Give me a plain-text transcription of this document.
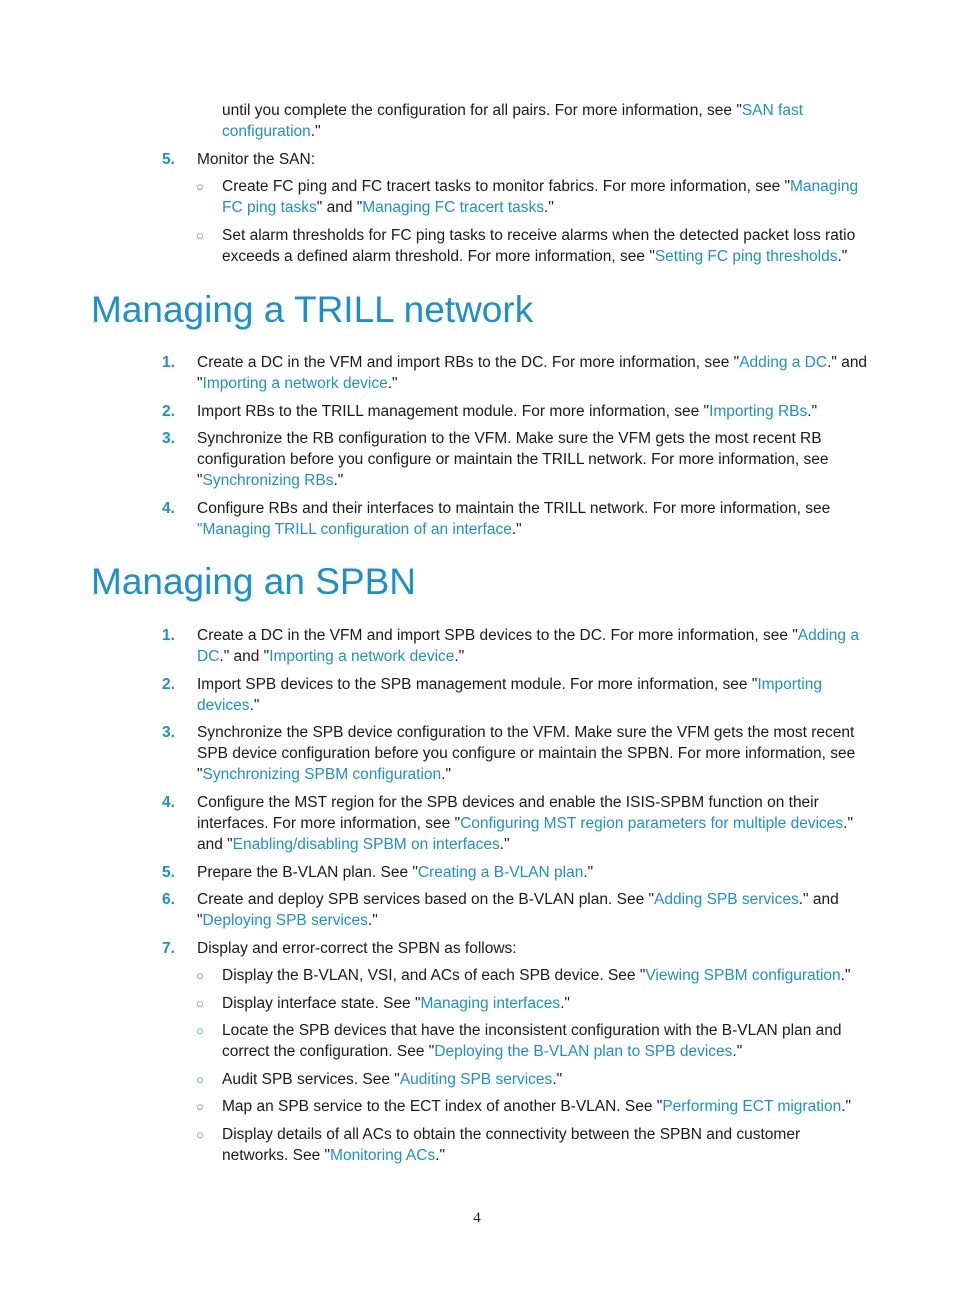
until you complete the configuration for all pairs. For more information, see "SAN fast configuration."

5. Monitor the SAN:

○ Create FC ping and FC tracert tasks to monitor fabrics. For more information, see "Managing FC ping tasks" and "Managing FC tracert tasks."

○ Set alarm thresholds for FC ping tasks to receive alarms when the detected packet loss ratio exceeds a defined alarm threshold. For more information, see "Setting FC ping thresholds."

Managing a TRILL network
1. Create a DC in the VFM and import RBs to the DC. For more information, see "Adding a DC." and "Importing a network device."

2. Import RBs to the TRILL management module. For more information, see "Importing RBs."

3. Synchronize the RB configuration to the VFM. Make sure the VFM gets the most recent RB configuration before you configure or maintain the TRILL network. For more information, see "Synchronizing RBs."

4. Configure RBs and their interfaces to maintain the TRILL network. For more information, see "Managing TRILL configuration of an interface."

Managing an SPBN
1. Create a DC in the VFM and import SPB devices to the DC. For more information, see "Adding a DC." and "Importing a network device."

2. Import SPB devices to the SPB management module. For more information, see "Importing devices."

3. Synchronize the SPB device configuration to the VFM. Make sure the VFM gets the most recent SPB device configuration before you configure or maintain the SPBN. For more information, see "Synchronizing SPBM configuration."

4. Configure the MST region for the SPB devices and enable the ISIS-SPBM function on their interfaces. For more information, see "Configuring MST region parameters for multiple devices." and "Enabling/disabling SPBM on interfaces."

5. Prepare the B-VLAN plan. See "Creating a B-VLAN plan."

6. Create and deploy SPB services based on the B-VLAN plan. See "Adding SPB services." and "Deploying SPB services."

7. Display and error-correct the SPBN as follows:

○ Display the B-VLAN, VSI, and ACs of each SPB device. See "Viewing SPBM configuration."

○ Display interface state. See "Managing interfaces."

○ Locate the SPB devices that have the inconsistent configuration with the B-VLAN plan and correct the configuration. See "Deploying the B-VLAN plan to SPB devices."

○ Audit SPB services. See "Auditing SPB services."

○ Map an SPB service to the ECT index of another B-VLAN. See "Performing ECT migration."

○ Display details of all ACs to obtain the connectivity between the SPBN and customer networks. See "Monitoring ACs."

4
